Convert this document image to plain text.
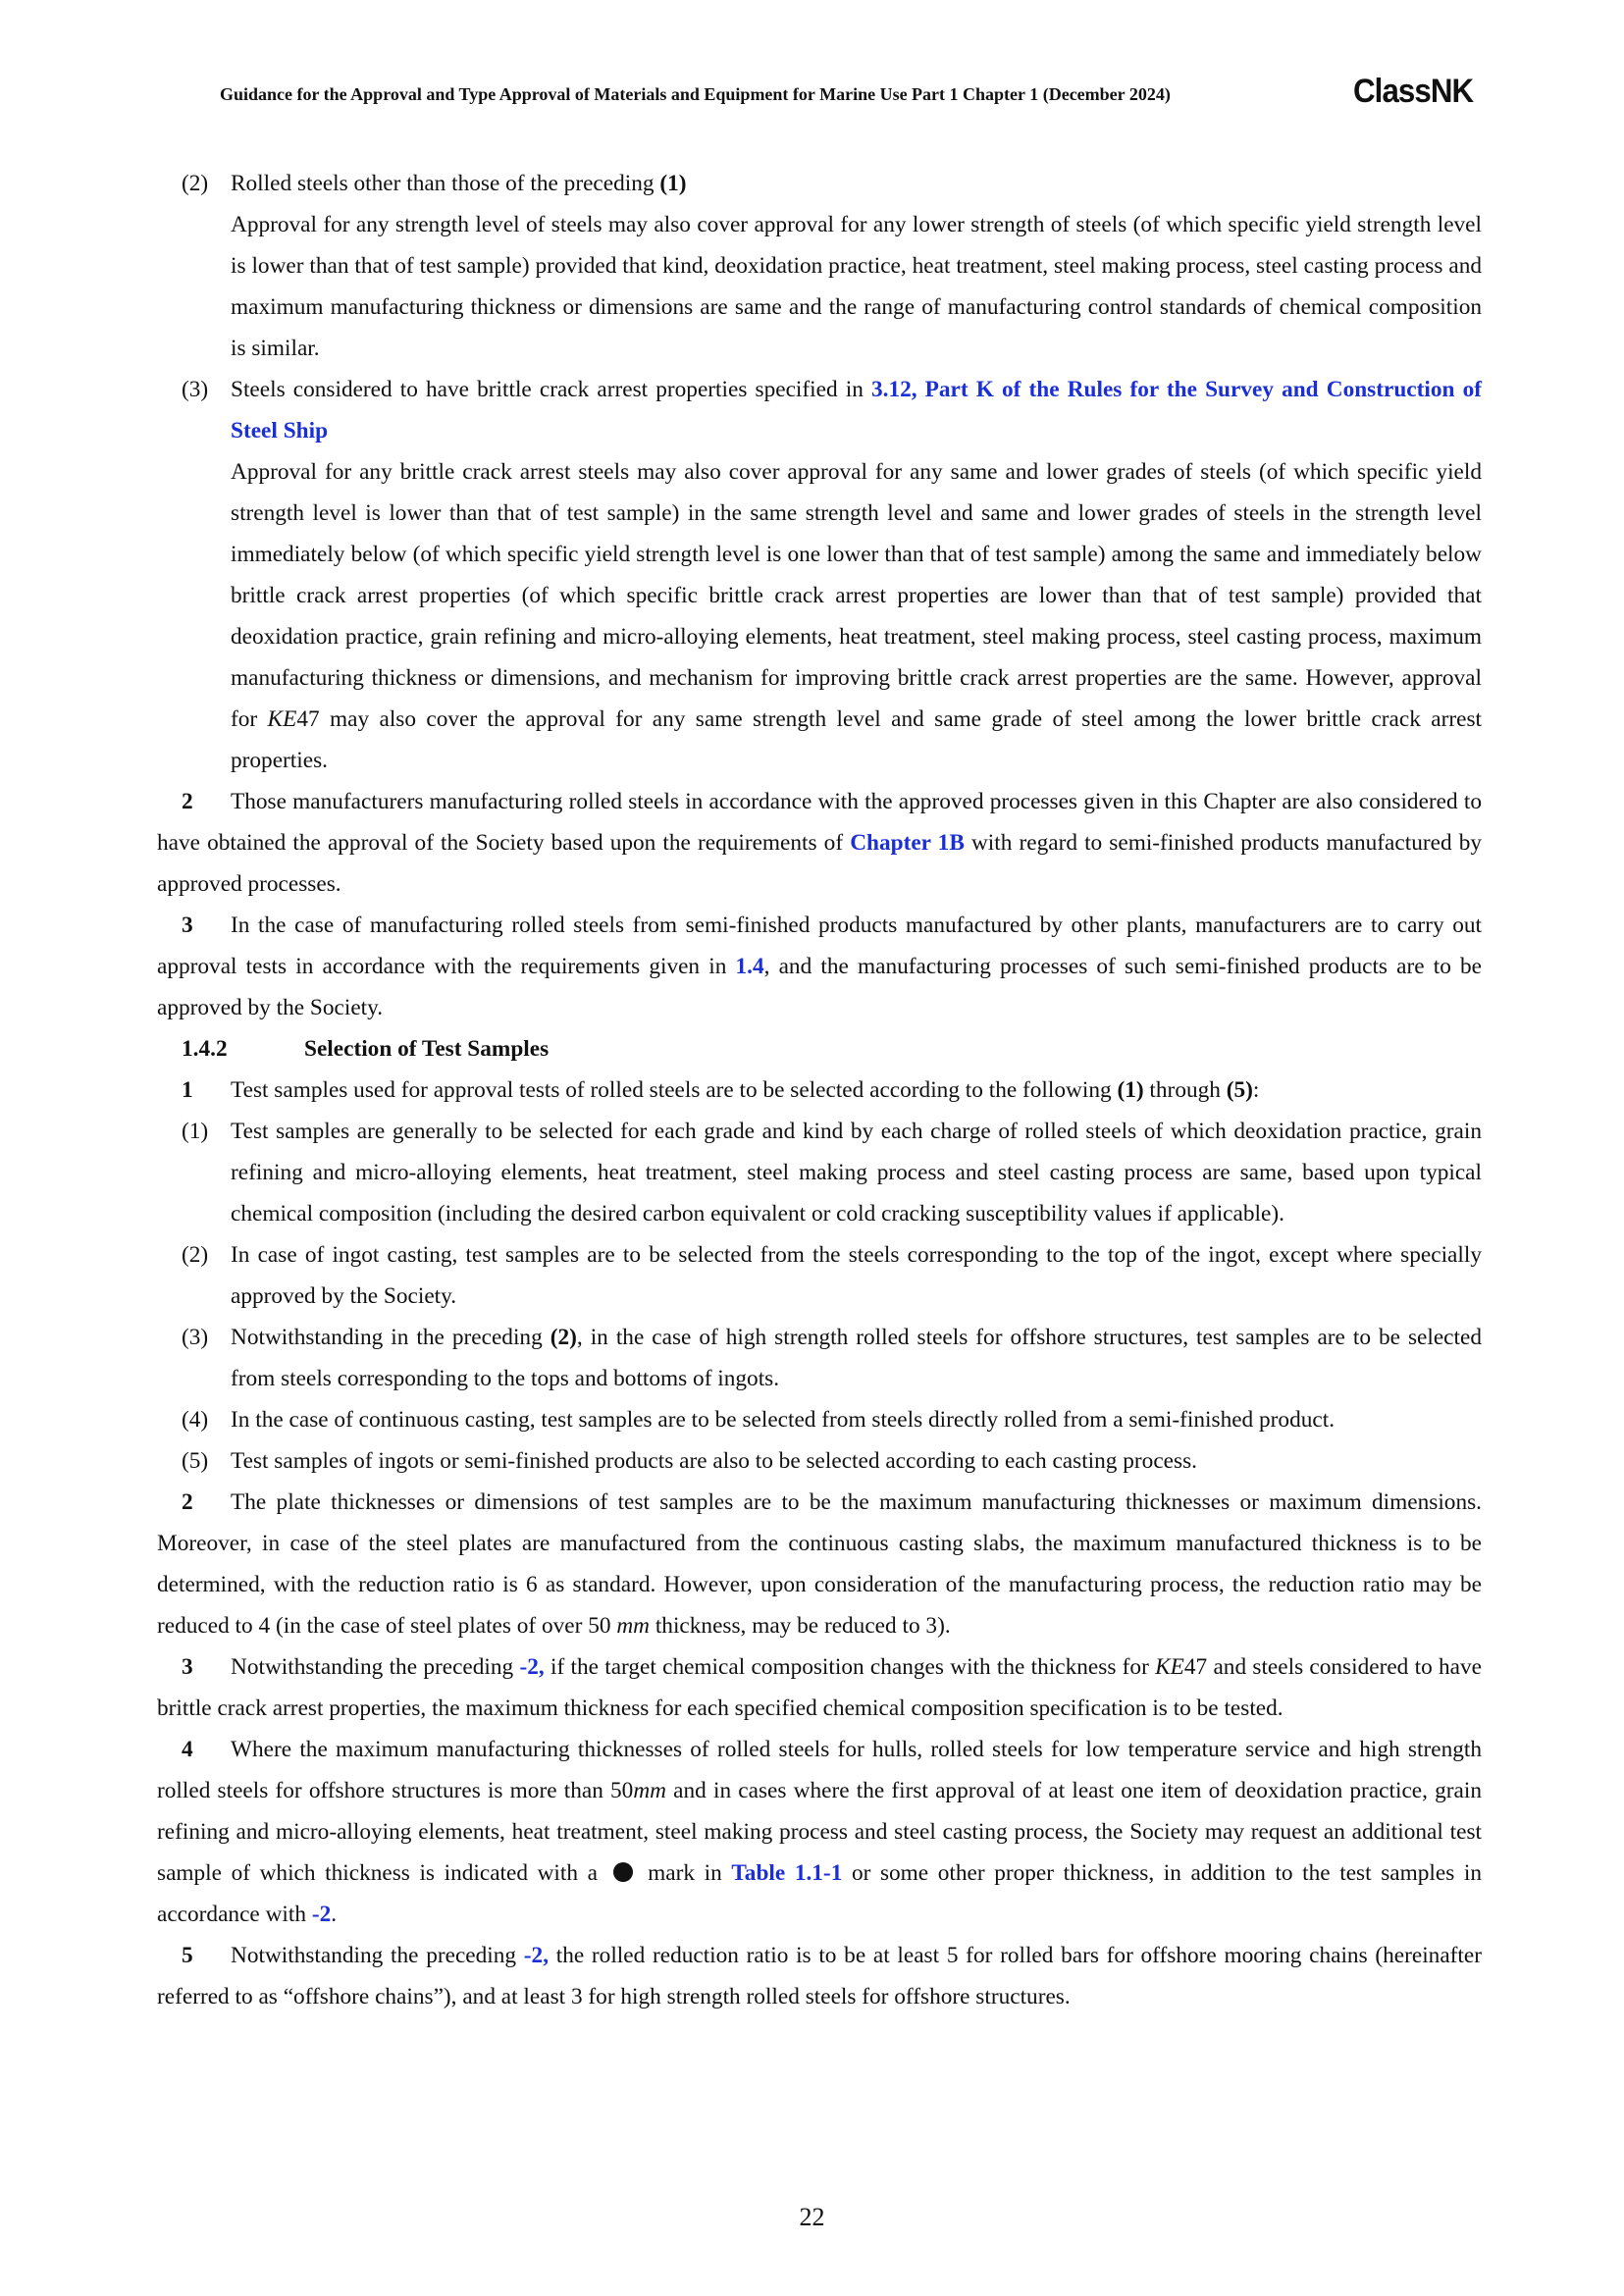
Guidance for the Approval and Type Approval of Materials and Equipment for Marine Use Part 1 Chapter 1 (December 2024)	ClassNK

(2) Rolled steels other than those of the preceding (1)

Approval for any strength level of steels may also cover approval for any lower strength of steels (of which specific yield strength level is lower than that of test sample) provided that kind, deoxidation practice, heat treatment, steel making process, steel casting process and maximum manufacturing thickness or dimensions are same and the range of manufacturing control standards of chemical composition is similar.

(3) Steels considered to have brittle crack arrest properties specified in 3.12, Part K of the Rules for the Survey and Construction of Steel Ship

Approval for any brittle crack arrest steels may also cover approval for any same and lower grades of steels (of which specific yield strength level is lower than that of test sample) in the same strength level and same and lower grades of steels in the strength level immediately below (of which specific yield strength level is one lower than that of test sample) among the same and immediately below brittle crack arrest properties (of which specific brittle crack arrest properties are lower than that of test sample) provided that deoxidation practice, grain refining and micro-alloying elements, heat treatment, steel making process, steel casting process, maximum manufacturing thickness or dimensions, and mechanism for improving brittle crack arrest properties are the same. However, approval for KE47 may also cover the approval for any same strength level and same grade of steel among the lower brittle crack arrest properties.

2 Those manufacturers manufacturing rolled steels in accordance with the approved processes given in this Chapter are also considered to have obtained the approval of the Society based upon the requirements of Chapter 1B with regard to semi-finished products manufactured by approved processes.

3 In the case of manufacturing rolled steels from semi-finished products manufactured by other plants, manufacturers are to carry out approval tests in accordance with the requirements given in 1.4, and the manufacturing processes of such semi-finished products are to be approved by the Society.

1.4.2	Selection of Test Samples

1 Test samples used for approval tests of rolled steels are to be selected according to the following (1) through (5):

(1) Test samples are generally to be selected for each grade and kind by each charge of rolled steels of which deoxidation practice, grain refining and micro-alloying elements, heat treatment, steel making process and steel casting process are same, based upon typical chemical composition (including the desired carbon equivalent or cold cracking susceptibility values if applicable).

(2) In case of ingot casting, test samples are to be selected from the steels corresponding to the top of the ingot, except where specially approved by the Society.

(3) Notwithstanding in the preceding (2), in the case of high strength rolled steels for offshore structures, test samples are to be selected from steels corresponding to the tops and bottoms of ingots.

(4) In the case of continuous casting, test samples are to be selected from steels directly rolled from a semi-finished product.

(5) Test samples of ingots or semi-finished products are also to be selected according to each casting process.

2 The plate thicknesses or dimensions of test samples are to be the maximum manufacturing thicknesses or maximum dimensions. Moreover, in case of the steel plates are manufactured from the continuous casting slabs, the maximum manufactured thickness is to be determined, with the reduction ratio is 6 as standard. However, upon consideration of the manufacturing process, the reduction ratio may be reduced to 4 (in the case of steel plates of over 50 mm thickness, may be reduced to 3).

3 Notwithstanding the preceding -2, if the target chemical composition changes with the thickness for KE47 and steels considered to have brittle crack arrest properties, the maximum thickness for each specified chemical composition specification is to be tested.

4 Where the maximum manufacturing thicknesses of rolled steels for hulls, rolled steels for low temperature service and high strength rolled steels for offshore structures is more than 50mm and in cases where the first approval of at least one item of deoxidation practice, grain refining and micro-alloying elements, heat treatment, steel making process and steel casting process, the Society may request an additional test sample of which thickness is indicated with a  mark in Table 1.1-1 or some other proper thickness, in addition to the test samples in accordance with -2.

5 Notwithstanding the preceding -2, the rolled reduction ratio is to be at least 5 for rolled bars for offshore mooring chains (hereinafter referred to as “offshore chains”), and at least 3 for high strength rolled steels for offshore structures.

22
